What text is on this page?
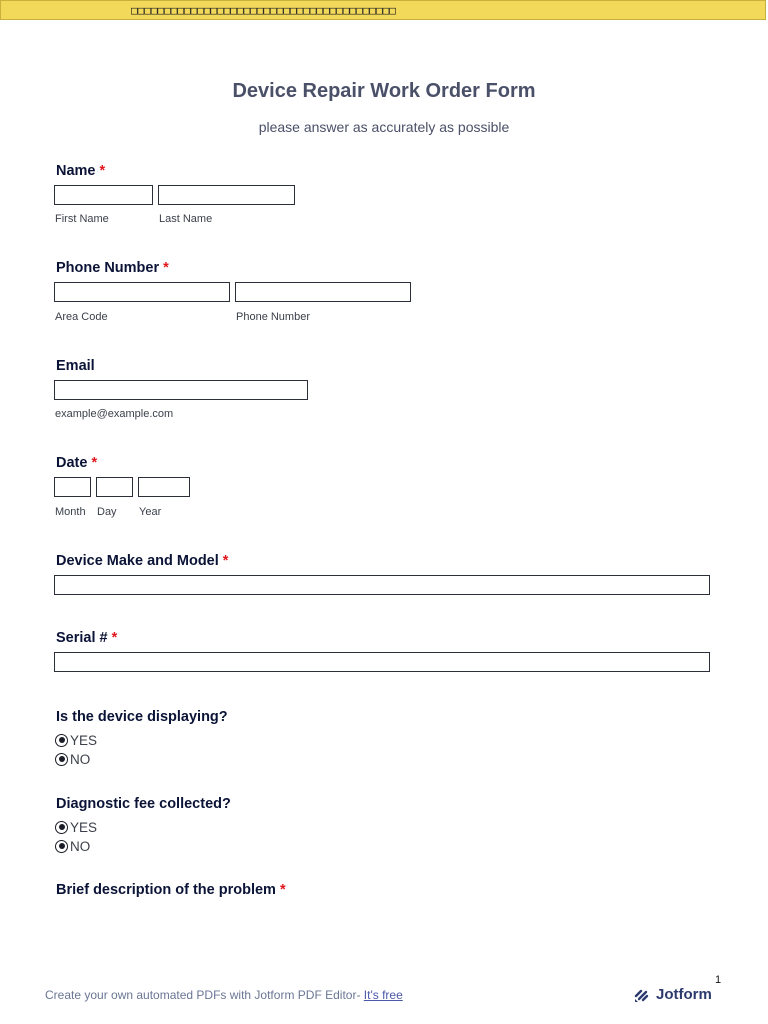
□□□□□□□□□□□□□□□□□□□□□□□□□□□□□□□□□□□□□□□□
Device Repair Work Order Form
please answer as accurately as possible
Name *
First Name	Last Name
Phone Number *
Area Code	Phone Number
Email
example@example.com
Date *
Month Day Year
Device Make and Model *
Serial # *
Is the device displaying?
YES
NO
Diagnostic fee collected?
YES
NO
Brief description of the problem *
1
Create your own automated PDFs with Jotform PDF Editor- It's free	Jotform
